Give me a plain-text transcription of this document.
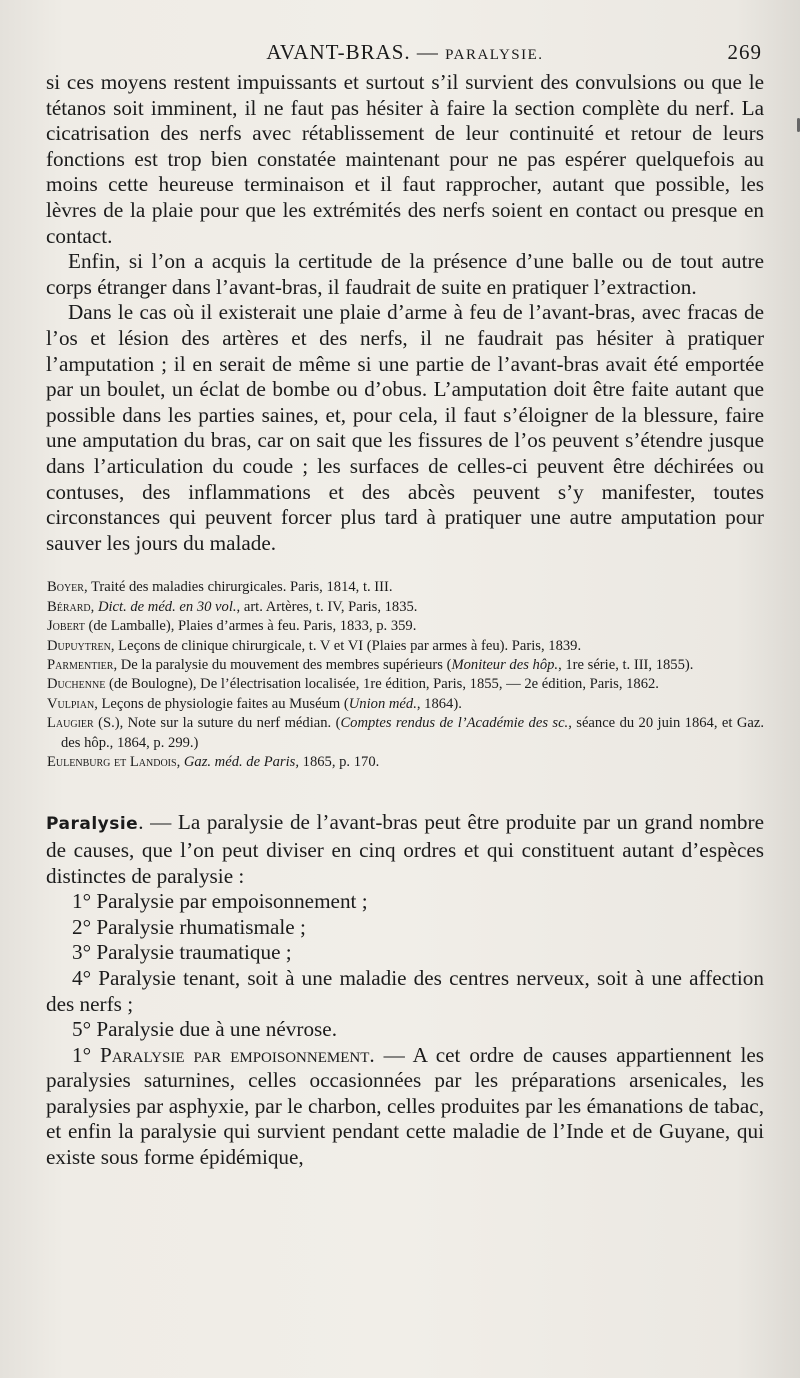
AVANT-BRAS. — PARALYSIE.	269

si ces moyens restent impuissants et surtout s’il survient des convulsions ou que le tétanos soit imminent, il ne faut pas hésiter à faire la section complète du nerf. La cicatrisation des nerfs avec rétablissement de leur continuité et retour de leurs fonctions est trop bien constatée maintenant pour ne pas espérer quelquefois au moins cette heureuse terminaison et il faut rapprocher, autant que possible, les lèvres de la plaie pour que les extrémités des nerfs soient en contact ou presque en contact.

Enfin, si l’on a acquis la certitude de la présence d’une balle ou de tout autre corps étranger dans l’avant-bras, il faudrait de suite en pratiquer l’extraction.

Dans le cas où il existerait une plaie d’arme à feu de l’avant-bras, avec fracas de l’os et lésion des artères et des nerfs, il ne faudrait pas hésiter à pratiquer l’amputation ; il en serait de même si une partie de l’avant-bras avait été emportée par un boulet, un éclat de bombe ou d’obus. L’amputation doit être faite autant que possible dans les parties saines, et, pour cela, il faut s’éloigner de la blessure, faire une amputation du bras, car on sait que les fissures de l’os peuvent s’étendre jusque dans l’articulation du coude ; les surfaces de celles-ci peuvent être déchirées ou contuses, des inflammations et des abcès peuvent s’y manifester, toutes circonstances qui peuvent forcer plus tard à pratiquer une autre amputation pour sauver les jours du malade.

Boyer, Traité des maladies chirurgicales. Paris, 1814, t. III.

Bérard, Dict. de méd. en 30 vol., art. Artères, t. IV, Paris, 1835.

Jobert (de Lamballe), Plaies d’armes à feu. Paris, 1833, p. 359.

Dupuytren, Leçons de clinique chirurgicale, t. V et VI (Plaies par armes à feu). Paris, 1839.

Parmentier, De la paralysie du mouvement des membres supérieurs (Moniteur des hôp., 1re série, t. III, 1855).

Duchenne (de Boulogne), De l’électrisation localisée, 1re édition, Paris, 1855, — 2e édition, Paris, 1862.

Vulpian, Leçons de physiologie faites au Muséum (Union méd., 1864).

Laugier (S.), Note sur la suture du nerf médian. (Comptes rendus de l’Académie des sc., séance du 20 juin 1864, et Gaz. des hôp., 1864, p. 299.)

Eulenburg et Landois, Gaz. méd. de Paris, 1865, p. 170.

Paralysie. — La paralysie de l’avant-bras peut être produite par un grand nombre de causes, que l’on peut diviser en cinq ordres et qui constituent autant d’espèces distinctes de paralysie :

1° Paralysie par empoisonnement ;

2° Paralysie rhumatismale ;

3° Paralysie traumatique ;

4° Paralysie tenant, soit à une maladie des centres nerveux, soit à une affection des nerfs ;

5° Paralysie due à une névrose.

1° Paralysie par empoisonnement. — A cet ordre de causes appartiennent les paralysies saturnines, celles occasionnées par les préparations arsenicales, les paralysies par asphyxie, par le charbon, celles produites par les émanations de tabac, et enfin la paralysie qui survient pendant cette maladie de l’Inde et de Guyane, qui existe sous forme épidémique,
